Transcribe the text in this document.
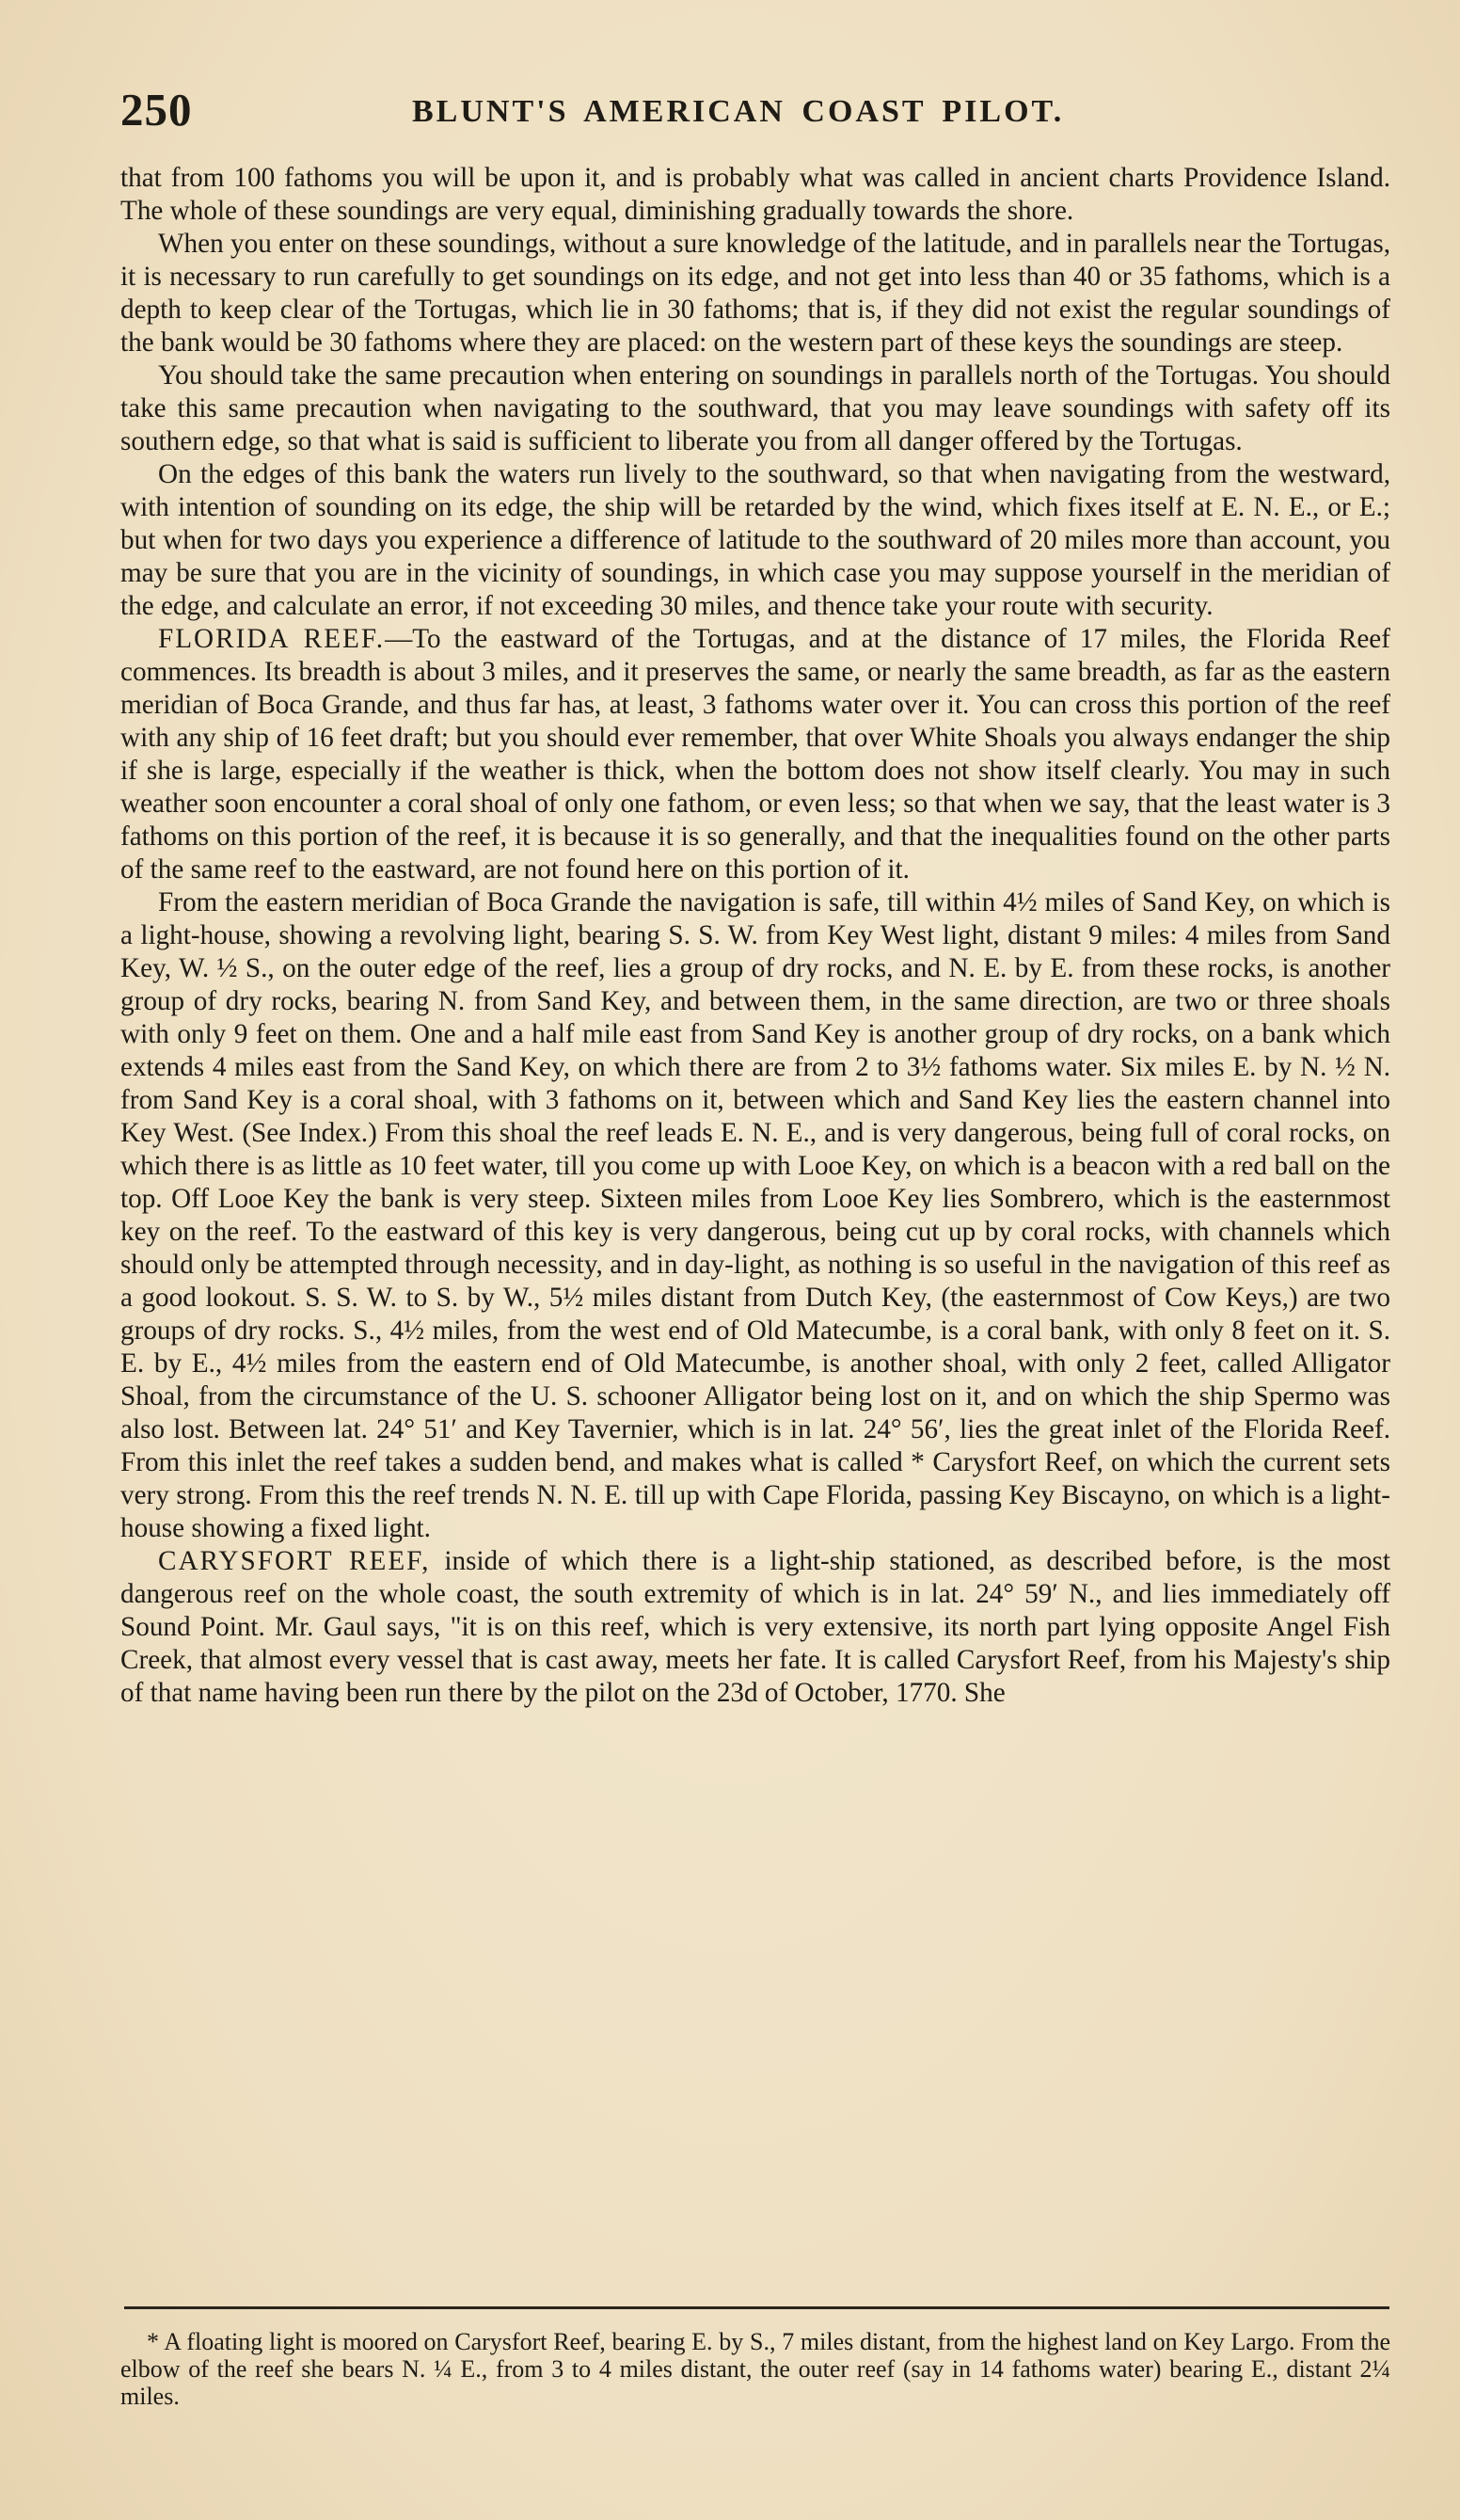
250	BLUNT'S AMERICAN COAST PILOT.

that from 100 fathoms you will be upon it, and is probably what was called in ancient charts Providence Island. The whole of these soundings are very equal, diminishing gradually towards the shore.

When you enter on these soundings, without a sure knowledge of the latitude, and in parallels near the Tortugas, it is necessary to run carefully to get soundings on its edge, and not get into less than 40 or 35 fathoms, which is a depth to keep clear of the Tortugas, which lie in 30 fathoms; that is, if they did not exist the regular soundings of the bank would be 30 fathoms where they are placed: on the western part of these keys the soundings are steep.

You should take the same precaution when entering on soundings in parallels north of the Tortugas. You should take this same precaution when navigating to the southward, that you may leave soundings with safety off its southern edge, so that what is said is sufficient to liberate you from all danger offered by the Tortugas.

On the edges of this bank the waters run lively to the southward, so that when navigating from the westward, with intention of sounding on its edge, the ship will be retarded by the wind, which fixes itself at E. N. E., or E.; but when for two days you experience a difference of latitude to the southward of 20 miles more than account, you may be sure that you are in the vicinity of soundings, in which case you may suppose yourself in the meridian of the edge, and calculate an error, if not exceeding 30 miles, and thence take your route with security.

FLORIDA REEF.—To the eastward of the Tortugas, and at the distance of 17 miles, the Florida Reef commences. Its breadth is about 3 miles, and it preserves the same, or nearly the same breadth, as far as the eastern meridian of Boca Grande, and thus far has, at least, 3 fathoms water over it. You can cross this portion of the reef with any ship of 16 feet draft; but you should ever remember, that over White Shoals you always endanger the ship if she is large, especially if the weather is thick, when the bottom does not show itself clearly. You may in such weather soon encounter a coral shoal of only one fathom, or even less; so that when we say, that the least water is 3 fathoms on this portion of the reef, it is because it is so generally, and that the inequalities found on the other parts of the same reef to the eastward, are not found here on this portion of it.

From the eastern meridian of Boca Grande the navigation is safe, till within 4½ miles of Sand Key, on which is a light-house, showing a revolving light, bearing S. S. W. from Key West light, distant 9 miles: 4 miles from Sand Key, W. ½ S., on the outer edge of the reef, lies a group of dry rocks, and N. E. by E. from these rocks, is another group of dry rocks, bearing N. from Sand Key, and between them, in the same direction, are two or three shoals with only 9 feet on them. One and a half mile east from Sand Key is another group of dry rocks, on a bank which extends 4 miles east from the Sand Key, on which there are from 2 to 3½ fathoms water. Six miles E. by N. ½ N. from Sand Key is a coral shoal, with 3 fathoms on it, between which and Sand Key lies the eastern channel into Key West. (See Index.) From this shoal the reef leads E. N. E., and is very dangerous, being full of coral rocks, on which there is as little as 10 feet water, till you come up with Looe Key, on which is a beacon with a red ball on the top. Off Looe Key the bank is very steep. Sixteen miles from Looe Key lies Sombrero, which is the easternmost key on the reef. To the eastward of this key is very dangerous, being cut up by coral rocks, with channels which should only be attempted through necessity, and in day-light, as nothing is so useful in the navigation of this reef as a good lookout. S. S. W. to S. by W., 5½ miles distant from Dutch Key, (the easternmost of Cow Keys,) are two groups of dry rocks. S., 4½ miles, from the west end of Old Matecumbe, is a coral bank, with only 8 feet on it. S. E. by E., 4½ miles from the eastern end of Old Matecumbe, is another shoal, with only 2 feet, called Alligator Shoal, from the circumstance of the U. S. schooner Alligator being lost on it, and on which the ship Spermo was also lost. Between lat. 24° 51′ and Key Tavernier, which is in lat. 24° 56′, lies the great inlet of the Florida Reef. From this inlet the reef takes a sudden bend, and makes what is called * Carysfort Reef, on which the current sets very strong. From this the reef trends N. N. E. till up with Cape Florida, passing Key Biscayno, on which is a light-house showing a fixed light.

CARYSFORT REEF, inside of which there is a light-ship stationed, as described before, is the most dangerous reef on the whole coast, the south extremity of which is in lat. 24° 59′ N., and lies immediately off Sound Point. Mr. Gaul says, "it is on this reef, which is very extensive, its north part lying opposite Angel Fish Creek, that almost every vessel that is cast away, meets her fate. It is called Carysfort Reef, from his Majesty's ship of that name having been run there by the pilot on the 23d of October, 1770. She

* A floating light is moored on Carysfort Reef, bearing E. by S., 7 miles distant, from the highest land on Key Largo. From the elbow of the reef she bears N. ¼ E., from 3 to 4 miles distant, the outer reef (say in 14 fathoms water) bearing E., distant 2¼ miles.
